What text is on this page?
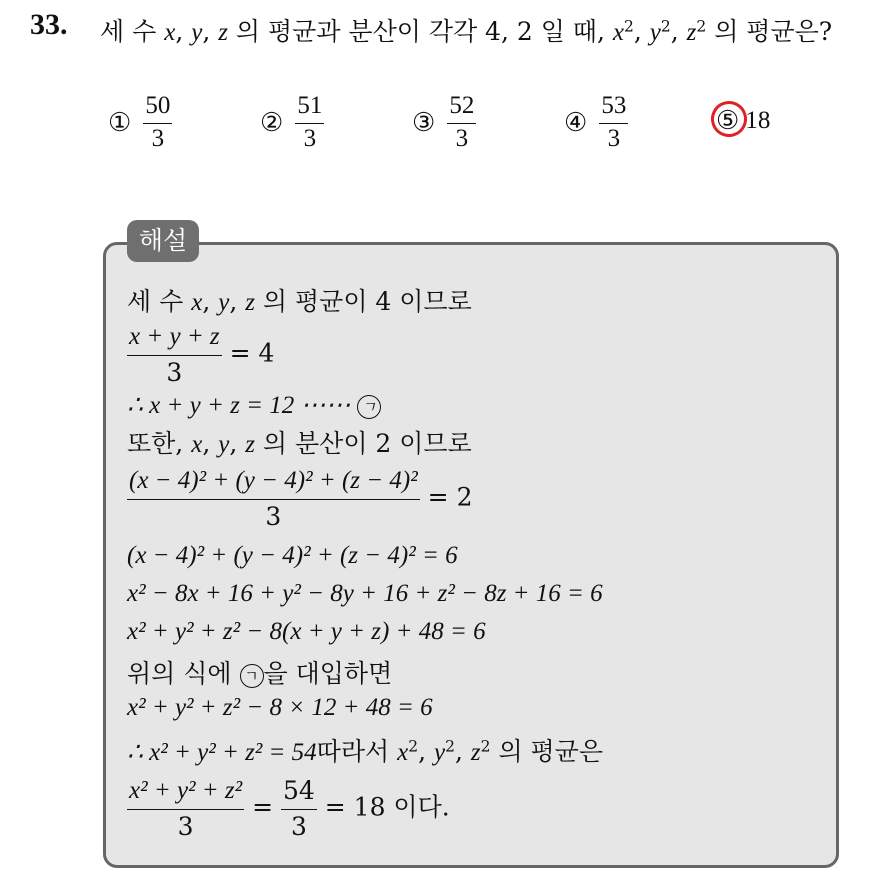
33. 세 수 x, y, z 의 평균과 분산이 각각 4, 2 일 때, $x^2$, $y^2$, $z^2$ 의 평균은?
① $\frac{50}{3}$	② $\frac{51}{3}$	③ $\frac{52}{3}$	④ $\frac{53}{3}$	⑤ 18
해설
세 수 x, y, z 의 평균이 4 이므로
$\frac{x + y + z}{3} = 4$
∴ x + y + z = 12 ⋯⋯ ㄱ
또한, x, y, z 의 분산이 2 이므로
$\frac{\text{(x − 4)² + (y − 4)² + (z − 4)²}}{3} = 2$
(x − 4)² + (y − 4)² + (z − 4)² = 6
x² − 8x + 16 + y² − 8y + 16 + z² − 8z + 16 = 6
x² + y² + z² − 8(x + y + z) + 48 = 6
위의 식에 ㄱ 을 대입하면
x² + y² + z² − 8 × 12 + 48 = 6
∴ x² + y² + z² = 54따라서 $x^2$, $y^2$, $z^2$ 의 평균은
$\frac{\text{x² + y² + z²}}{3} = \frac{54}{3} = 18$ 이다.
